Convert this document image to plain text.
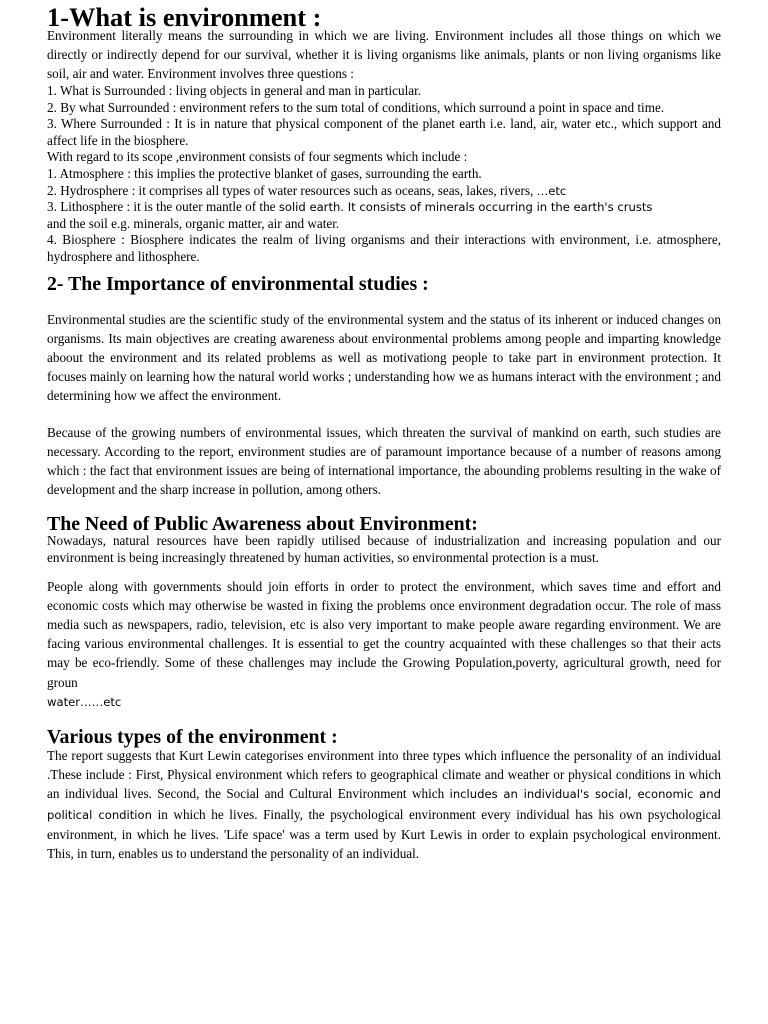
1-What is environment :

Environment literally means the surrounding in which we are living. Environment includes all those things on which we directly or indirectly depend for our survival, whether it is living organisms like animals, plants or non living organisms like soil, air and water. Environment involves three questions :

1. What is Surrounded : living objects in general and man in particular.
2. By what Surrounded : environment refers to the sum total of conditions, which surround a point in space and time.
3. Where Surrounded : It is in nature that physical component of the planet earth i.e. land, air, water etc., which support and affect life in the biosphere.
With regard to its scope ,environment consists of four segments which include :
1. Atmosphere : this implies the protective blanket of gases, surrounding the earth.
2. Hydrosphere : it comprises all types of water resources such as oceans, seas, lakes, rivers, …etc
3. Lithosphere : it is the outer mantle of the solid earth. It consists of minerals occurring in the earth's crusts
and the soil e.g. minerals, organic matter, air and water.
4. Biosphere : Biosphere indicates the realm of living organisms and their interactions with environment, i.e. atmosphere, hydrosphere and lithosphere.
2- The Importance of environmental studies :

Environmental studies are the scientific study of the environmental system and the status of its inherent or induced changes on organisms. Its main objectives are creating awareness about environmental problems among people and imparting knowledge aboout the environment and its related problems as well as motivationg people to take part in environment protection. It focuses mainly on learning how the natural world works ; understanding how we as humans interact with the environment ; and determining how we affect the environment.

Because of the growing numbers of environmental issues, which threaten the survival of mankind on earth, such studies are necessary. According to the report, environment studies are of paramount importance because of a number of reasons among which : the fact that environment issues are being of international importance, the abounding problems resulting in the wake of development and the sharp increase in pollution, among others.

The Need of Public Awareness about Environment:

Nowadays, natural resources have been rapidly utilised because of industrialization and increasing population and our environment is being increasingly threatened by human activities, so environmental protection is a must.

People along with governments should join efforts in order to protect the environment, which saves time and effort and economic costs which may otherwise be wasted in fixing the problems once environment degradation occur. The role of mass media such as newspapers, radio, television, etc is also very important to make people aware regarding environment. We are facing various environmental challenges. It is essential to get the country acquainted with these challenges so that their acts may be eco-friendly. Some of these challenges may include the Growing Population,poverty, agricultural growth, need for groun
water……etc

Various types of the environment :

The report suggests that Kurt Lewin categorises environment into three types which influence the personality of an individual .These include : First, Physical environment which refers to geographical climate and weather or physical conditions in which an individual lives. Second, the Social and Cultural Environment which includes an individual's social, economic and political condition in which he lives. Finally, the psychological environment every individual has his own psychological environment, in which he lives. 'Life space' was a term used by Kurt Lewis in order to explain psychological environment. This, in turn, enables us to understand the personality of an individual.
